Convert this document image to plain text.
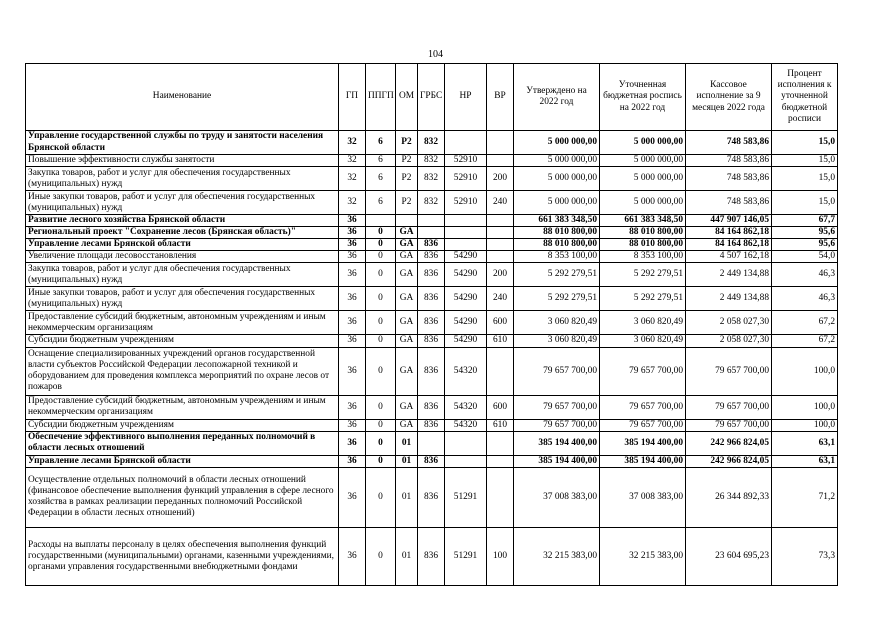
104
Наименование	ГП	ППГП	ОМ	ГРБС	НР	ВР	Утверждено на 2022 год	Уточненная бюджетная роспись на 2022 год	Кассовое исполнение за 9 месяцев 2022 года	Процент исполнения к уточненной бюджетной росписи
Управление государственной службы по труду и занятости населения Брянской области	32	6	P2	832			5 000 000,00	5 000 000,00	748 583,86	15,0
Повышение эффективности службы занятости	32	6	P2	832	52910		5 000 000,00	5 000 000,00	748 583,86	15,0
Закупка товаров, работ и услуг для обеспечения государственных (муниципальных) нужд	32	6	P2	832	52910	200	5 000 000,00	5 000 000,00	748 583,86	15,0
Иные закупки товаров, работ и услуг для обеспечения государственных (муниципальных) нужд	32	6	P2	832	52910	240	5 000 000,00	5 000 000,00	748 583,86	15,0
Развитие лесного хозяйства Брянской области	36						661 383 348,50	661 383 348,50	447 907 146,05	67,7
Региональный проект "Сохранение лесов (Брянская область)"	36	0	GA				88 010 800,00	88 010 800,00	84 164 862,18	95,6
Управление лесами Брянской области	36	0	GA	836			88 010 800,00	88 010 800,00	84 164 862,18	95,6
Увеличение площади лесовосстановления	36	0	GA	836	54290		8 353 100,00	8 353 100,00	4 507 162,18	54,0
Закупка товаров, работ и услуг для обеспечения государственных (муниципальных) нужд	36	0	GA	836	54290	200	5 292 279,51	5 292 279,51	2 449 134,88	46,3
Иные закупки товаров, работ и услуг для обеспечения государственных (муниципальных) нужд	36	0	GA	836	54290	240	5 292 279,51	5 292 279,51	2 449 134,88	46,3
Предоставление субсидий бюджетным, автономным учреждениям и иным некоммерческим организациям	36	0	GA	836	54290	600	3 060 820,49	3 060 820,49	2 058 027,30	67,2
Субсидии бюджетным учреждениям	36	0	GA	836	54290	610	3 060 820,49	3 060 820,49	2 058 027,30	67,2
Оснащение специализированных учреждений органов государственной власти субъектов Российской Федерации лесопожарной техникой и оборудованием для проведения комплекса мероприятий по охране лесов от пожаров	36	0	GA	836	54320		79 657 700,00	79 657 700,00	79 657 700,00	100,0
Предоставление субсидий бюджетным, автономным учреждениям и иным некоммерческим организациям	36	0	GA	836	54320	600	79 657 700,00	79 657 700,00	79 657 700,00	100,0
Субсидии бюджетным учреждениям	36	0	GA	836	54320	610	79 657 700,00	79 657 700,00	79 657 700,00	100,0
Обеспечение эффективного выполнения переданных полномочий в области лесных отношений	36	0	01				385 194 400,00	385 194 400,00	242 966 824,05	63,1
Управление лесами Брянской области	36	0	01	836			385 194 400,00	385 194 400,00	242 966 824,05	63,1
Осуществление отдельных полномочий в области лесных отношений (финансовое обеспечение выполнения функций управления в сфере лесного хозяйства в рамках реализации переданных полномочий Российской Федерации в области лесных отношений)	36	0	01	836	51291		37 008 383,00	37 008 383,00	26 344 892,33	71,2
Расходы на выплаты персоналу в целях обеспечения выполнения функций государственными (муниципальными) органами, казенными учреждениями, органами управления государственными внебюджетными фондами	36	0	01	836	51291	100	32 215 383,00	32 215 383,00	23 604 695,23	73,3
